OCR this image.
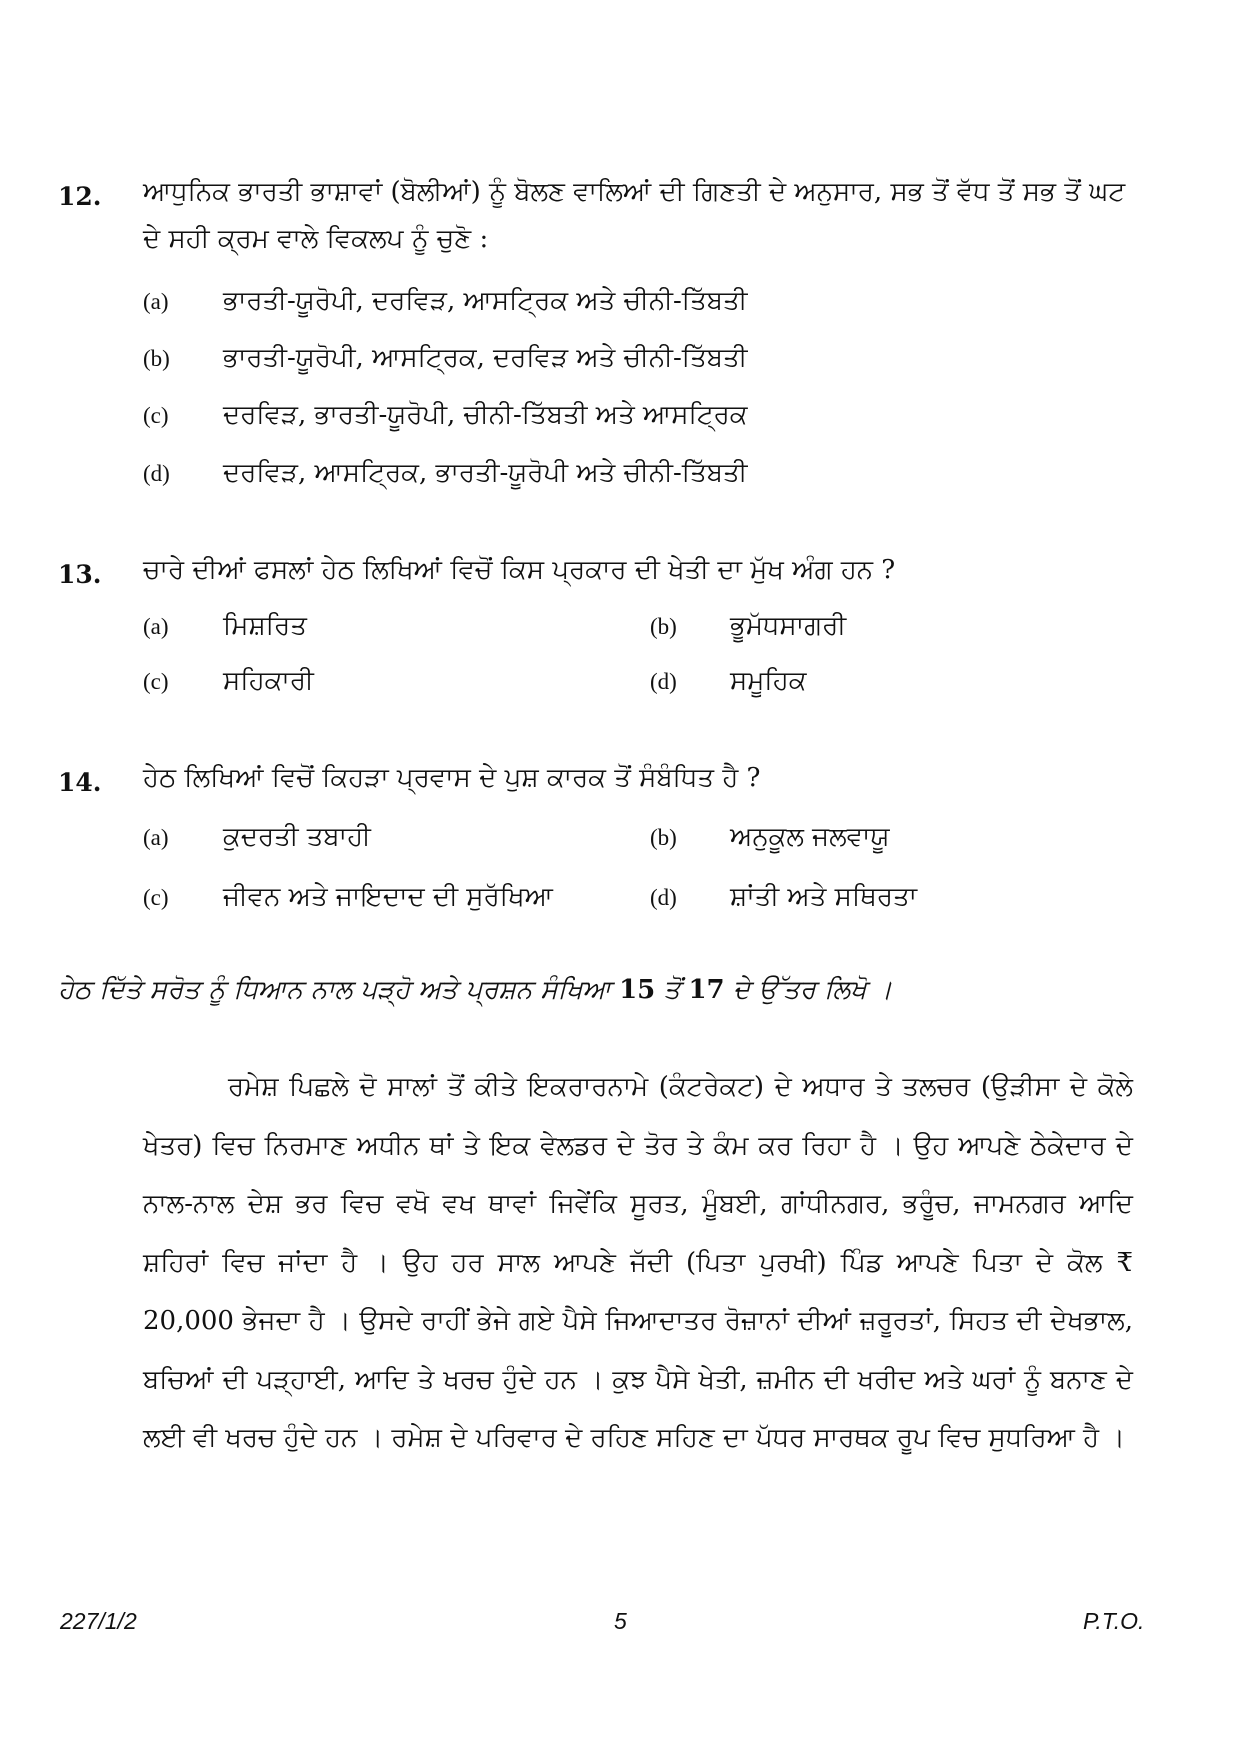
12. ਆਧੁਨਿਕ ਭਾਰਤੀ ਭਾਸ਼ਾਵਾਂ (ਬੋਲੀਆਂ) ਨੂੰ ਬੋਲਣ ਵਾਲਿਆਂ ਦੀ ਗਿਣਤੀ ਦੇ ਅਨੁਸਾਰ, ਸਭ ਤੋਂ ਵੱਧ ਤੋਂ ਸਭ ਤੋਂ ਘਟ ਦੇ ਸਹੀ ਕ੍ਰਮ ਵਾਲੇ ਵਿਕਲਪ ਨੂੰ ਚੁਣੋ :
(a) ਭਾਰਤੀ-ਯੂਰੋਪੀ, ਦਰਵਿੜ, ਆਸਟ੍ਰਿਕ ਅਤੇ ਚੀਨੀ-ਤਿੱਬਤੀ
(b) ਭਾਰਤੀ-ਯੂਰੋਪੀ, ਆਸਟ੍ਰਿਕ, ਦਰਵਿੜ ਅਤੇ ਚੀਨੀ-ਤਿੱਬਤੀ
(c) ਦਰਵਿੜ, ਭਾਰਤੀ-ਯੂਰੋਪੀ, ਚੀਨੀ-ਤਿੱਬਤੀ ਅਤੇ ਆਸਟ੍ਰਿਕ
(d) ਦਰਵਿੜ, ਆਸਟ੍ਰਿਕ, ਭਾਰਤੀ-ਯੂਰੋਪੀ ਅਤੇ ਚੀਨੀ-ਤਿੱਬਤੀ
13. ਚਾਰੇ ਦੀਆਂ ਫਸਲਾਂ ਹੇਠ ਲਿਖਿਆਂ ਵਿਚੋਂ ਕਿਸ ਪ੍ਰਕਾਰ ਦੀ ਖੇਤੀ ਦਾ ਮੁੱਖ ਅੰਗ ਹਨ ?
(a) ਮਿਸ਼ਰਿਤ	(b) ਭੂਮੱਧਸਾਗਰੀ
(c) ਸਹਿਕਾਰੀ	(d) ਸਮੂਹਿਕ
14. ਹੇਠ ਲਿਖਿਆਂ ਵਿਚੋਂ ਕਿਹੜਾ ਪ੍ਰਵਾਸ ਦੇ ਪੁਸ਼ ਕਾਰਕ ਤੋਂ ਸੰਬੰਧਿਤ ਹੈ ?
(a) ਕੁਦਰਤੀ ਤਬਾਹੀ	(b) ਅਨੁਕੂਲ ਜਲਵਾਯੂ
(c) ਜੀਵਨ ਅਤੇ ਜਾਇਦਾਦ ਦੀ ਸੁਰੱਖਿਆ	(d) ਸ਼ਾਂਤੀ ਅਤੇ ਸਥਿਰਤਾ
ਹੇਠ ਦਿੱਤੇ ਸਰੋਤ ਨੂੰ ਧਿਆਨ ਨਾਲ ਪੜ੍ਹੋ ਅਤੇ ਪ੍ਰਸ਼ਨ ਸੰਖਿਆ 15 ਤੋਂ 17 ਦੇ ਉੱਤਰ ਲਿਖੋ ।
ਰਮੇਸ਼ ਪਿਛਲੇ ਦੋ ਸਾਲਾਂ ਤੋਂ ਕੀਤੇ ਇਕਰਾਰਨਾਮੇ (ਕੰਟਰੇਕਟ) ਦੇ ਅਧਾਰ ਤੇ ਤਲਚਰ (ਉੜੀਸਾ ਦੇ ਕੋਲੇ ਖੇਤਰ) ਵਿਚ ਨਿਰਮਾਣ ਅਧੀਨ ਥਾਂ ਤੇ ਇਕ ਵੇਲਡਰ ਦੇ ਤੋਰ ਤੇ ਕੰਮ ਕਰ ਰਿਹਾ ਹੈ । ਉਹ ਆਪਣੇ ਠੇਕੇਦਾਰ ਦੇ ਨਾਲ-ਨਾਲ ਦੇਸ਼ ਭਰ ਵਿਚ ਵਖੋ ਵਖ ਥਾਵਾਂ ਜਿਵੇਂਕਿ ਸੂਰਤ, ਮੂੰਬਈ, ਗਾਂਧੀਨਗਰ, ਭਰੂੰਚ, ਜਾਮਨਗਰ ਆਦਿ ਸ਼ਹਿਰਾਂ ਵਿਚ ਜਾਂਦਾ ਹੈ । ਉਹ ਹਰ ਸਾਲ ਆਪਣੇ ਜੱਦੀ (ਪਿਤਾ ਪੁਰਖੀ) ਪਿੰਡ ਆਪਣੇ ਪਿਤਾ ਦੇ ਕੋਲ ₹ 20,000 ਭੇਜਦਾ ਹੈ । ਉਸਦੇ ਰਾਹੀਂ ਭੇਜੇ ਗਏ ਪੈਸੇ ਜਿਆਦਾਤਰ ਰੋਜ਼ਾਨਾਂ ਦੀਆਂ ਜ਼ਰੂਰਤਾਂ, ਸਿਹਤ ਦੀ ਦੇਖਭਾਲ, ਬਚਿਆਂ ਦੀ ਪੜ੍ਹਾਈ, ਆਦਿ ਤੇ ਖਰਚ ਹੁੰਦੇ ਹਨ । ਕੁਝ ਪੈਸੇ ਖੇਤੀ, ਜ਼ਮੀਨ ਦੀ ਖਰੀਦ ਅਤੇ ਘਰਾਂ ਨੂੰ ਬਨਾਣ ਦੇ ਲਈ ਵੀ ਖਰਚ ਹੁੰਦੇ ਹਨ । ਰਮੇਸ਼ ਦੇ ਪਰਿਵਾਰ ਦੇ ਰਹਿਣ ਸਹਿਣ ਦਾ ਪੱਧਰ ਸਾਰਥਕ ਰੂਪ ਵਿਚ ਸੁਧਰਿਆ ਹੈ ।
227/1/2	5	P.T.O.
